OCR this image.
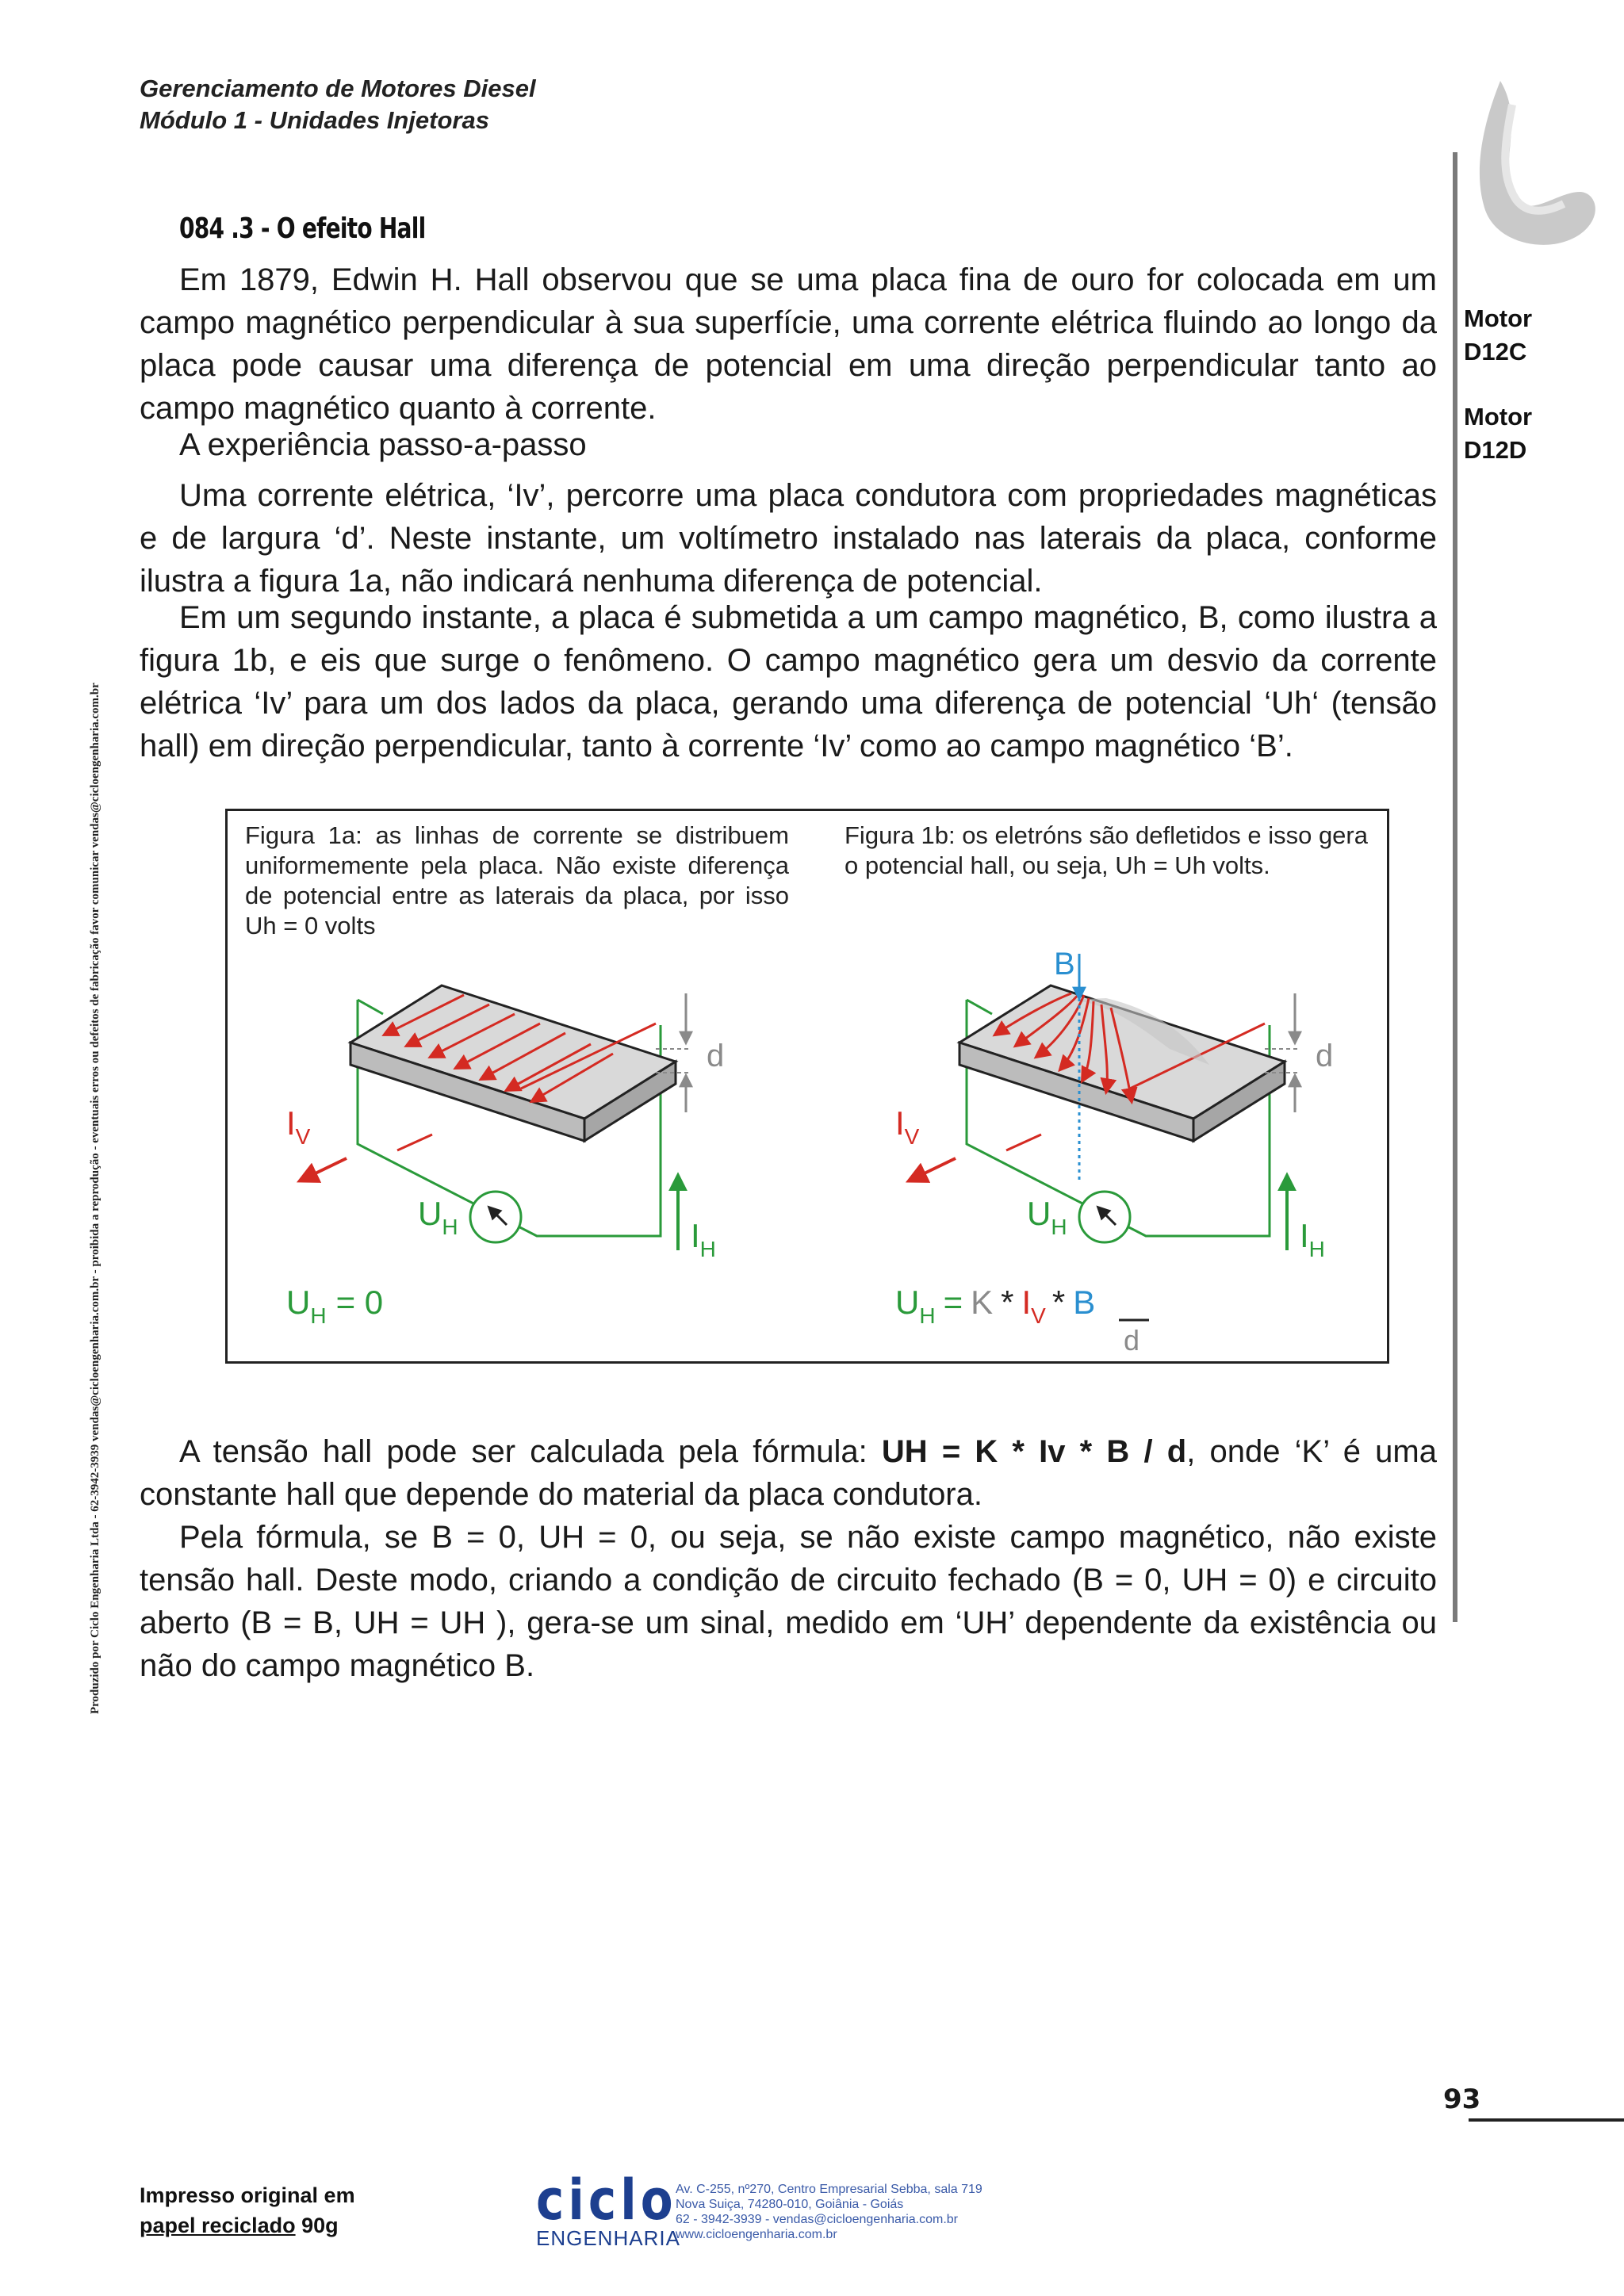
Gerenciamento de Motores Diesel
Módulo 1 - Unidades Injetoras
Motor
D12C
Motor
D12D
Produzido por Ciclo Engenharia Ltda - 62-3942-3939 vendas@cicloengenharia.com.br - proibida a reprodução - eventuais erros ou defeitos de fabricação favor comunicar vendas@cicloengenharia.com.br
084 .3 - O efeito Hall

Em 1879, Edwin H. Hall observou que se uma placa fina de ouro for colocada em um campo magnético perpendicular à sua superfície, uma corrente elétrica fluindo ao longo da placa pode causar uma diferença de potencial em uma direção perpendicular tanto ao campo magnético quanto à corrente.

A experiência passo-a-passo

Uma corrente elétrica, ‘Iv’, percorre uma placa condutora com propriedades magnéticas e de largura ‘d’. Neste instante, um voltímetro instalado nas laterais da placa, conforme ilustra a figura 1a, não indicará nenhuma diferença de potencial.

Em um segundo instante, a placa é submetida a um campo magnético, B, como ilustra a figura 1b, e eis que surge o fenômeno. O campo magnético gera um desvio da corrente elétrica ‘Iv’ para um dos lados da placa, gerando uma diferença de potencial ‘Uh‘ (tensão hall) em direção perpendicular, tanto à corrente ‘Iv’ como ao campo magnético ‘B’.

Figura 1a: as linhas de corrente se distribuem uniformemente pela placa. Não existe diferença de potencial entre as laterais da placa, por isso Uh = 0 volts
Figura 1b: os eletróns são defletidos e isso gera o potencial hall, ou seja, Uh = Uh volts.
d
$I_V$
$U_H$	$I_H$
$U_H = 0$
B
d
$I_V$
$U_H$	$I_H$
$U_H = K * I_V * B$
d

A tensão hall pode ser calculada pela fórmula: UH = K * Iv * B / d, onde ‘K’ é uma constante hall que depende do material da placa condutora.

Pela fórmula, se B = 0, UH = 0, ou seja, se não existe campo magnético, não existe tensão hall. Deste modo, criando a condição de circuito fechado (B = 0, UH = 0) e circuito aberto (B = B, UH = UH ), gera-se um sinal, medido em ‘UH’ dependente da existência ou não do campo magnético B.

93
Impresso original em
papel reciclado 90g	ciclo
ENGENHARIA
Av. C-255, nº270, Centro Empresarial Sebba, sala 719
Nova Suiça, 74280-010, Goiânia - Goiás
62 - 3942-3939 - vendas@cicloengenharia.com.br
www.cicloengenharia.com.br
